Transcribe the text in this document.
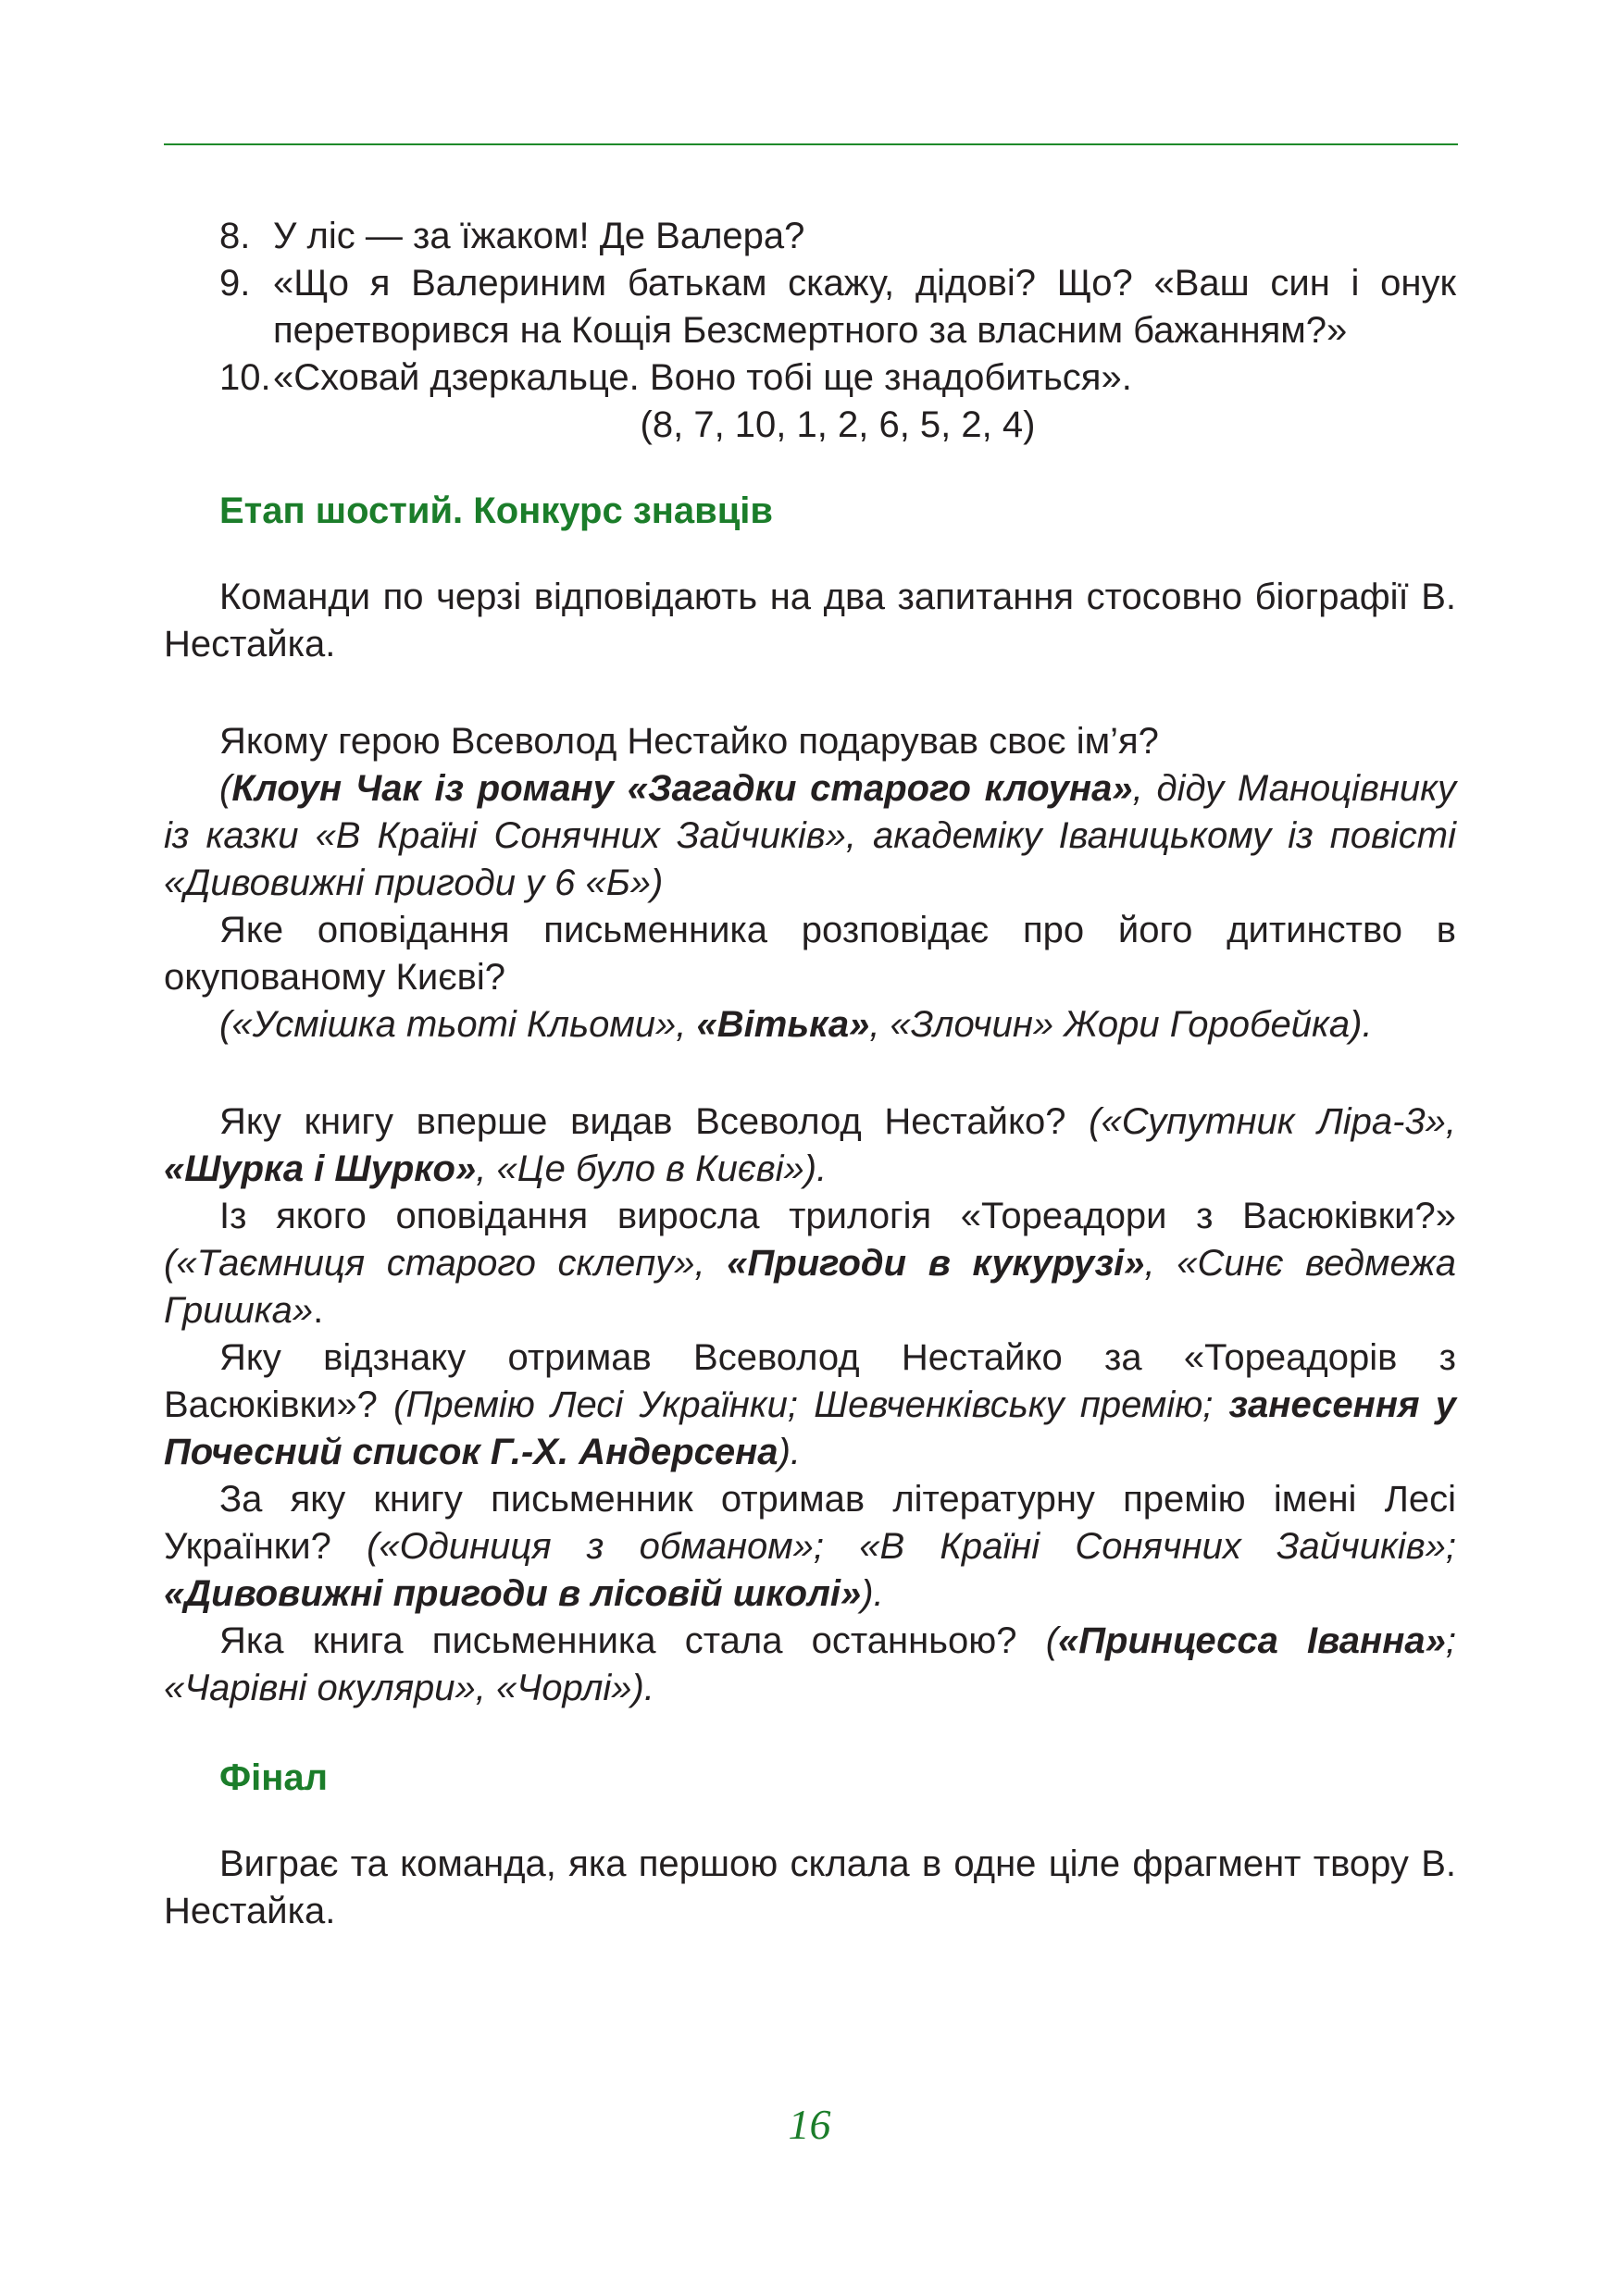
8. У ліс — за їжаком! Де Валера?
9. «Що я Валериним батькам скажу, дідові? Що? «Ваш син і онук перетворився на Кощія Безсмертного за власним бажанням?»
10. «Сховай дзеркальце. Воно тобі ще знадобиться».

(8, 7, 10, 1, 2, 6, 5, 2, 4)

Етап шостий. Конкурс знавців

Команди по черзі відповідають на два запитання стосовно біографії В. Нестайка.

Якому герою Всеволод Нестайко подарував своє ім’я?

(Клоун Чак із роману «Загадки старого клоуна», діду Маноцівнику із казки «В Країні Сонячних Зайчиків», академіку Іваницькому із повісті «Дивовижні пригоди у 6 «Б»)

Яке оповідання письменника розповідає про його дитинство в окупованому Києві?

(«Усмішка тьоті Кльоми», «Вітька», «Злочин» Жори Горобейка).

Яку книгу вперше видав Всеволод Нестайко? («Супутник Ліра-3», «Шурка і Шурко», «Це було в Києві»).

Із якого оповідання виросла трилогія «Тореадори з Васюківки?» («Таємниця старого склепу», «Пригоди в кукурузі», «Синє ведмежа Гришка».

Яку відзнаку отримав Всеволод Нестайко за «Тореадорів з Васюківки»? (Премію Лесі Українки; Шевченківську премію; занесення у Почесний список Г.-Х. Андерсена).

За яку книгу письменник отримав літературну премію імені Лесі Українки? («Одиниця з обманом»; «В Країні Сонячних Зайчиків»; «Дивовижні пригоди в лісовій школі»).

Яка книга письменника стала останньою? («Принцесса Іванна»; «Чарівні окуляри», «Чорлі»).

Фінал

Виграє та команда, яка першою склала в одне ціле фрагмент твору В. Нестайка.

16
